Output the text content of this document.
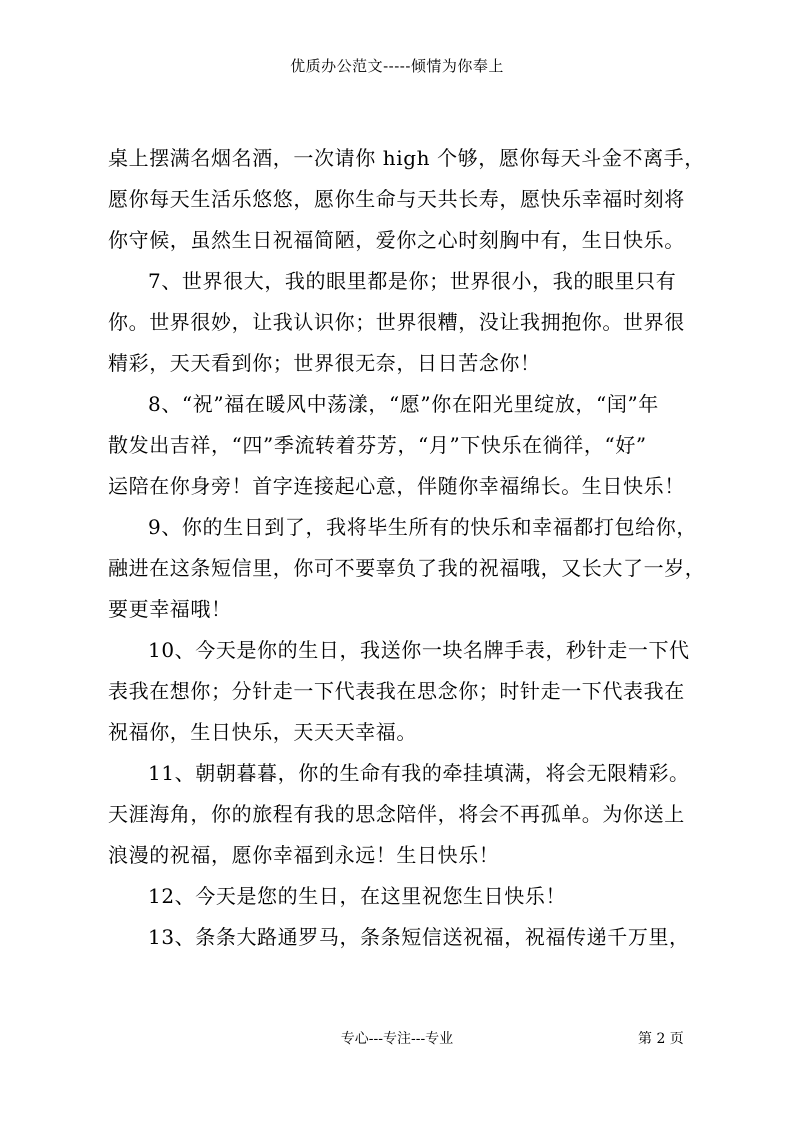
优质办公范文-----倾情为你奉上
桌上摆满名烟名酒，一次请你 high 个够，愿你每天斗金不离手，
愿你每天生活乐悠悠，愿你生命与天共长寿，愿快乐幸福时刻将
你守候，虽然生日祝福简陋，爱你之心时刻胸中有，生日快乐。
7、世界很大，我的眼里都是你；世界很小，我的眼里只有
你。世界很妙，让我认识你；世界很糟，没让我拥抱你。世界很
精彩，天天看到你；世界很无奈，日日苦念你！
8、“祝”福在暖风中荡漾，“愿”你在阳光里绽放，“闰”年
散发出吉祥，“四”季流转着芬芳，“月”下快乐在徜徉，“好”
运陪在你身旁！首字连接起心意，伴随你幸福绵长。生日快乐！
9、你的生日到了，我将毕生所有的快乐和幸福都打包给你，
融进在这条短信里，你可不要辜负了我的祝福哦，又长大了一岁，
要更幸福哦！
10、今天是你的生日，我送你一块名牌手表，秒针走一下代
表我在想你；分针走一下代表我在思念你；时针走一下代表我在
祝福你，生日快乐，天天天幸福。
11、朝朝暮暮，你的生命有我的牵挂填满，将会无限精彩。
天涯海角，你的旅程有我的思念陪伴，将会不再孤单。为你送上
浪漫的祝福，愿你幸福到永远！生日快乐！
12、今天是您的生日，在这里祝您生日快乐！
13、条条大路通罗马，条条短信送祝福，祝福传递千万里，
专心---专注---专业	第 2 页
